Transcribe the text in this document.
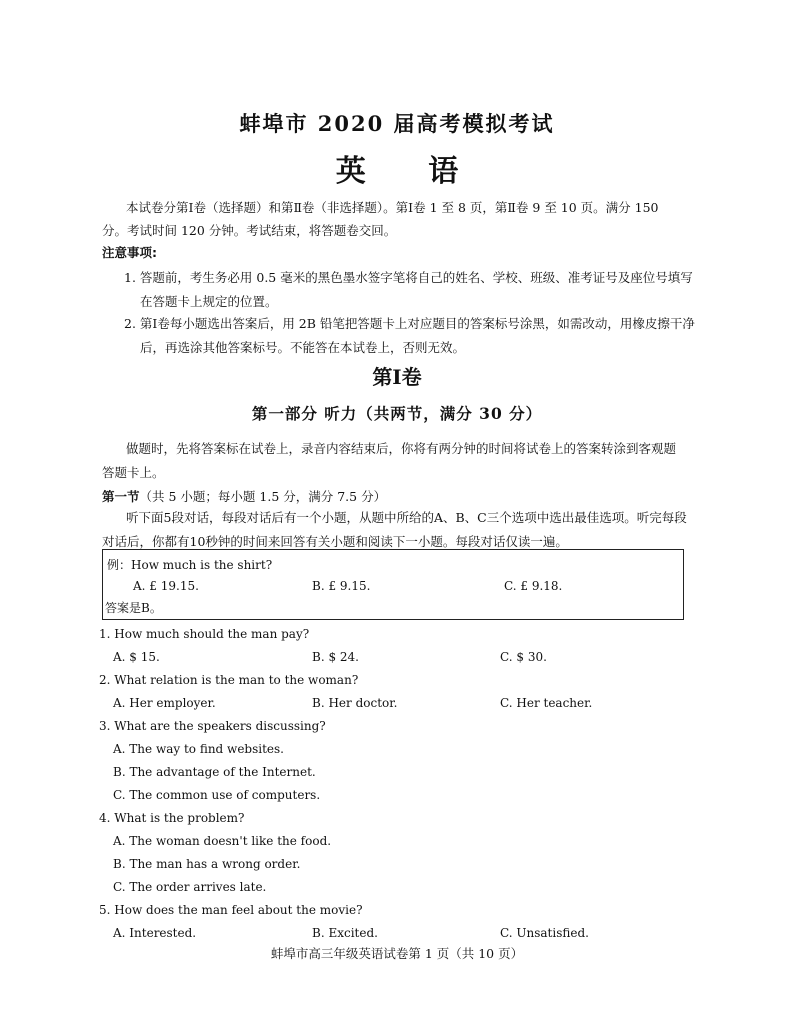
蚌埠市 2020 届高考模拟考试
英 语
本试卷分第Ⅰ卷（选择题）和第Ⅱ卷（非选择题）。第Ⅰ卷 1 至 8 页，第Ⅱ卷 9 至 10 页。满分 150
分。考试时间 120 分钟。考试结束，将答题卷交回。
注意事项:
1. 答题前，考生务必用 0.5 毫米的黑色墨水签字笔将自己的姓名、学校、班级、准考证号及座位号填写在答题卡上规定的位置。
2. 第Ⅰ卷每小题选出答案后，用 2B 铅笔把答题卡上对应题目的答案标号涂黑，如需改动，用橡皮擦干净后，再选涂其他答案标号。不能答在本试卷上，否则无效。
第Ⅰ卷
第一部分 听力（共两节，满分 30 分）
做题时，先将答案标在试卷上，录音内容结束后，你将有两分钟的时间将试卷上的答案转涂到客观题答题卡上。
第一节（共 5 小题；每小题 1.5 分，满分 7.5 分）
听下面5段对话，每段对话后有一个小题，从题中所给的A、B、C三个选项中选出最佳选项。听完每段对话后，你都有10秒钟的时间来回答有关小题和阅读下一小题。每段对话仅读一遍。
例：How much is the shirt?
A. £ 19.15.	B. £ 9.15.	C. £ 9.18.
答案是B。
1. How much should the man pay?
A. $ 15.	B. $ 24.	C. $ 30.
2. What relation is the man to the woman?
A. Her employer.	B. Her doctor.	C. Her teacher.
3. What are the speakers discussing?
A. The way to find websites.
B. The advantage of the Internet.
C. The common use of computers.
4. What is the problem?
A. The woman doesn't like the food.
B. The man has a wrong order.
C. The order arrives late.
5. How does the man feel about the movie?
A. Interested.	B. Excited.	C. Unsatisfied.
蚌埠市高三年级英语试卷第 1 页（共 10 页）
